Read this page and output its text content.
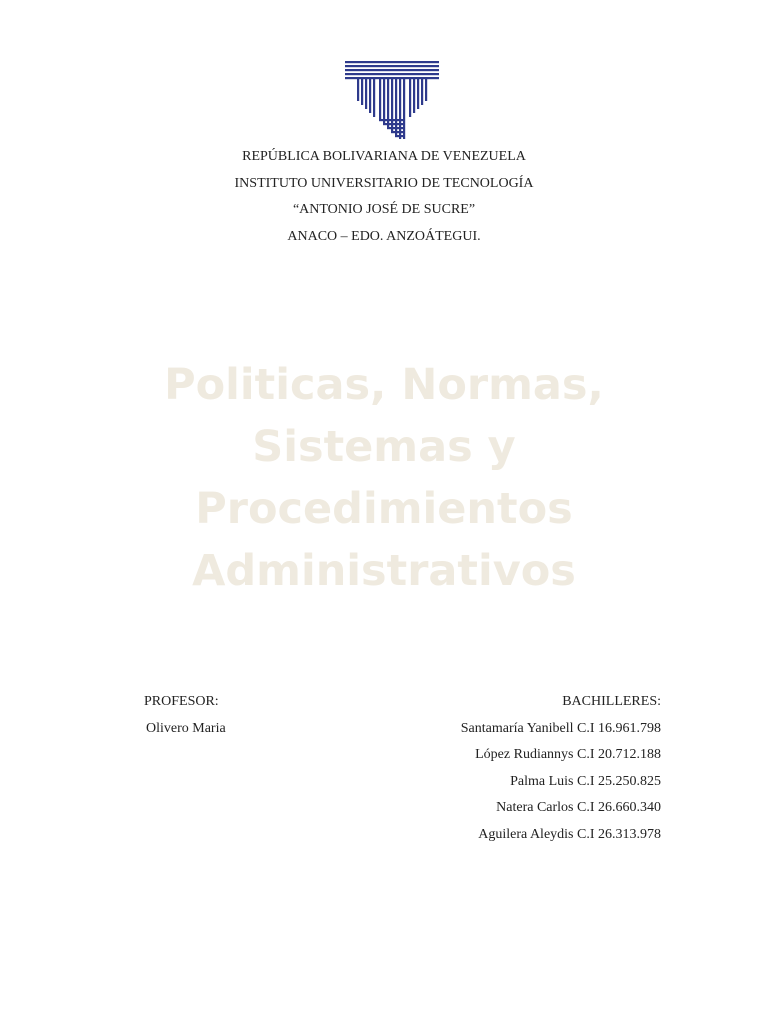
REPÚBLICA BOLIVARIANA DE VENEZUELA
INSTITUTO UNIVERSITARIO DE TECNOLOGÍA
“ANTONIO JOSÉ DE SUCRE”
ANACO – EDO. ANZOÁTEGUI.
Politicas, Normas,
Sistemas y
Procedimientos
Administrativos
PROFESOR:
Olivero Maria
BACHILLERES:
Santamaría Yanibell C.I 16.961.798
López Rudiannys C.I 20.712.188
Palma Luis C.I 25.250.825
Natera Carlos C.I 26.660.340
Aguilera Aleydis C.I 26.313.978
